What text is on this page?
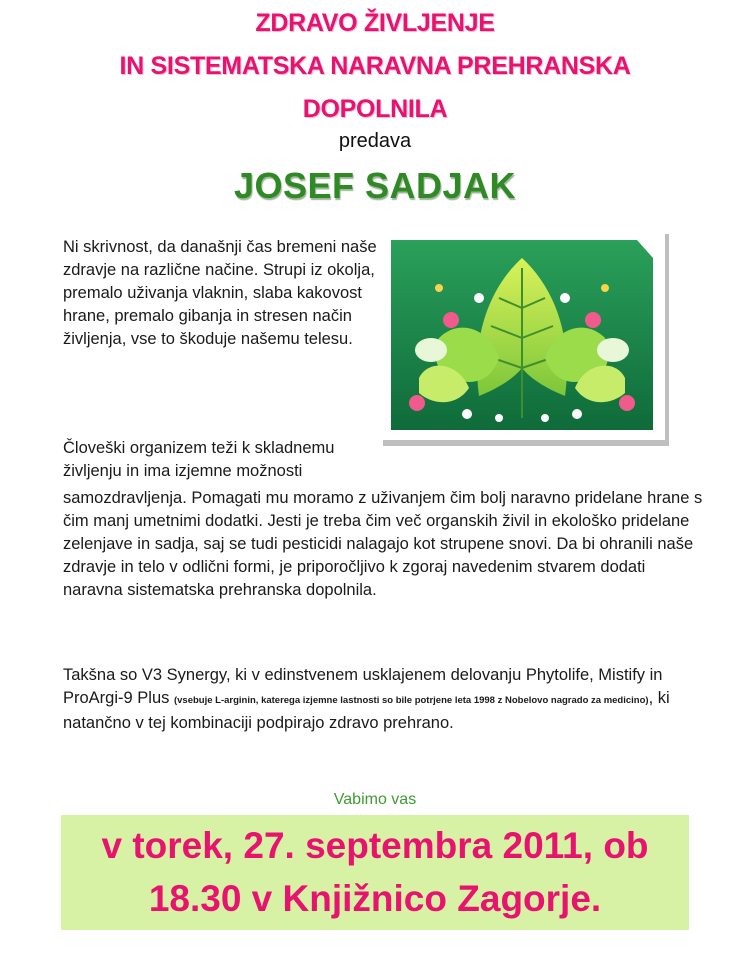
ZDRAVO ŽIVLJENJE
IN SISTEMATSKA NARAVNA PREHRANSKA
DOPOLNILA
predava
JOSEF SADJAK
Ni skrivnost, da današnji čas bremeni naše zdravje na različne načine. Strupi iz okolja, premalo uživanja vlaknin, slaba kakovost hrane, premalo gibanja in stresen način življenja, vse to škoduje našemu telesu.
Človeški organizem teži k skladnemu življenju in ima izjemne možnosti
samozdravljenja. Pomagati mu moramo z uživanjem čim bolj naravno pridelane hrane s čim manj umetnimi dodatki. Jesti je treba čim več organskih živil in ekološko pridelane zelenjave in sadja, saj se tudi pesticidi nalagajo kot strupene snovi. Da bi ohranili naše zdravje in telo v odlični formi, je priporočljivo k zgoraj navedenim stvarem dodati naravna sistematska prehranska dopolnila.
Takšna so V3 Synergy, ki v edinstvenem usklajenem delovanju Phytolife, Mistify in ProArgi-9 Plus (vsebuje L-arginin, katerega izjemne lastnosti so bile potrjene leta 1998 z Nobelovo nagrado za medicino), ki natančno v tej kombinaciji podpirajo zdravo prehrano.
Vabimo vas
v torek, 27. septembra 2011, ob
18.30 v Knjižnico Zagorje.
